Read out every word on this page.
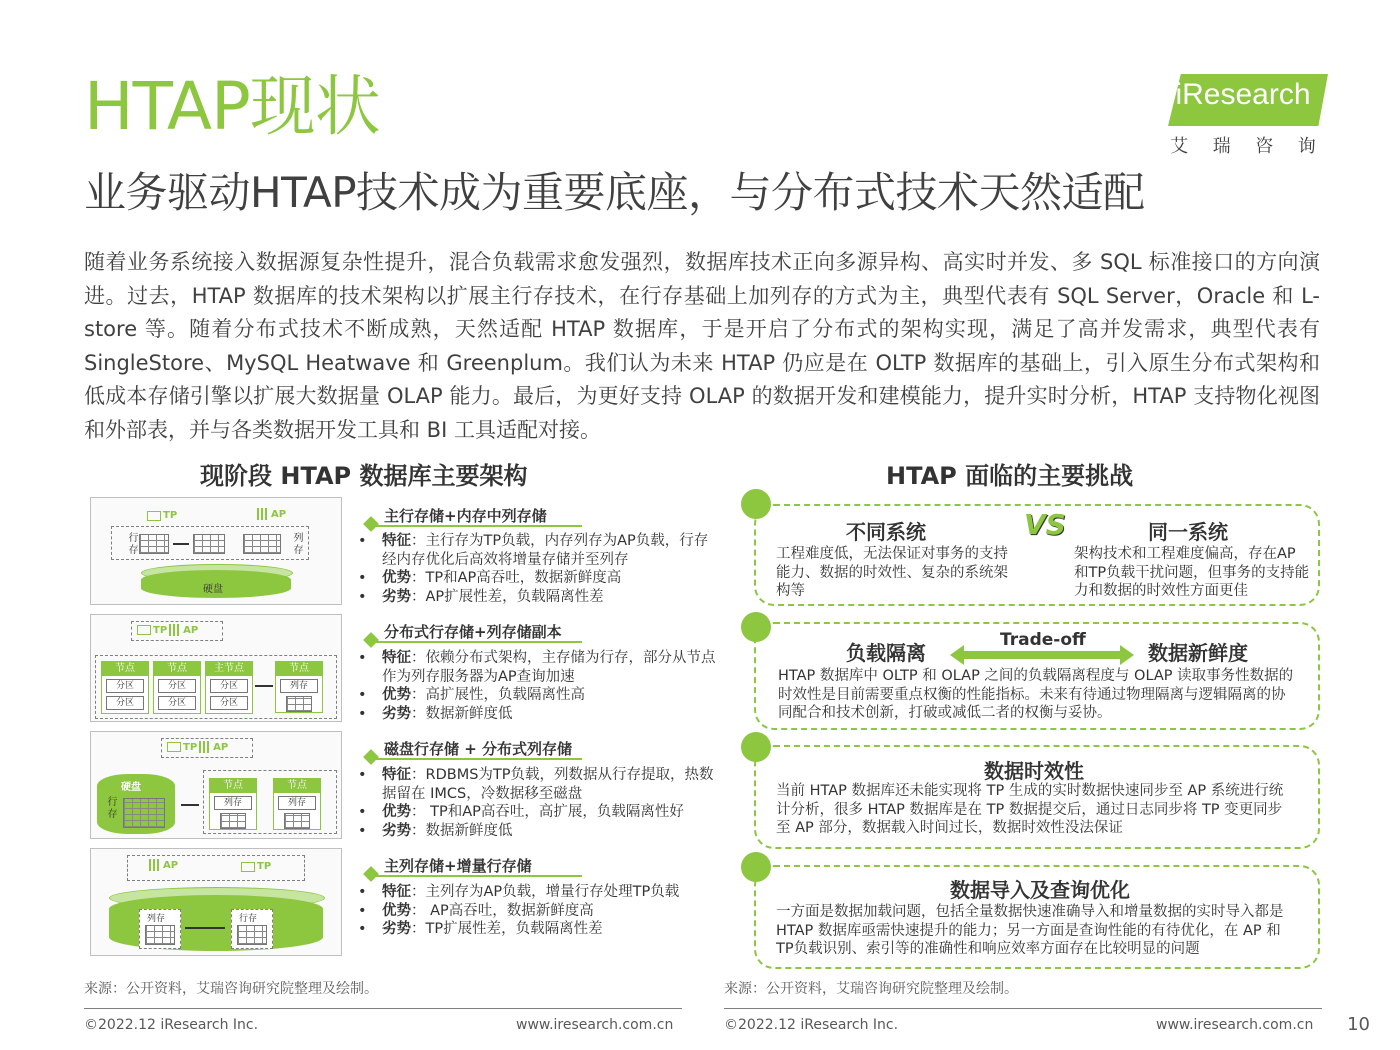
HTAP现状
业务驱动HTAP技术成为重要底座，与分布式技术天然适配
iResearch
艾 瑞 咨 询
随着业务系统接入数据源复杂性提升，混合负载需求愈发强烈，数据库技术正向多源异构、高实时并发、多 SQL 标准接口的方向演进。过去，HTAP 数据库的技术架构以扩展主行存技术，在行存基础上加列存的方式为主，典型代表有 SQL Server，Oracle 和 L-store 等。随着分布式技术不断成熟，天然适配 HTAP 数据库，于是开启了分布式的架构实现，满足了高并发需求，典型代表有 SingleStore、MySQL Heatwave 和 Greenplum。我们认为未来 HTAP 仍应是在 OLTP 数据库的基础上，引入原生分布式架构和低成本存储引擎以扩展大数据量 OLAP 能力。最后，为更好支持 OLAP 的数据开发和建模能力，提升实时分析，HTAP 支持物化视图和外部表，并与各类数据开发工具和 BI 工具适配对接。
现阶段 HTAP 数据库主要架构	HTAP 面临的主要挑战
TP	AP
行存	列存
硬盘
TP AP
节点
分区
分区
节点
分区
分区
主节点
分区
分区
节点
列存
TP AP
硬盘
行存
节点
列存
节点
列存
AP	TP
列存	行存
主行存储+内存中列存储
• 特征：主行存为TP负载，内存列存为AP负载，行存经内存优化后高效将增量存储并至列存
• 优势：TP和AP高吞吐，数据新鲜度高
• 劣势：AP扩展性差，负载隔离性差
分布式行存储+列存储副本
• 特征：依赖分布式架构，主存储为行存，部分从节点作为列存服务器为AP查询加速
• 优势：高扩展性，负载隔离性高
• 劣势：数据新鲜度低
磁盘行存储 + 分布式列存储
• 特征：RDBMS为TP负载，列数据从行存提取，热数据留在 IMCS，冷数据移至磁盘
• 优势： TP和AP高吞吐，高扩展，负载隔离性好
• 劣势：数据新鲜度低
主列存储+增量行存储
• 特征：主列存为AP负载，增量行存处理TP负载
• 优势： AP高吞吐，数据新鲜度高
• 劣势：TP扩展性差，负载隔离性差
不同系统	VS	同一系统
工程难度低，无法保证对事务的支持能力、数据的时效性、复杂的系统架构等
架构技术和工程难度偏高，存在AP和TP负载干扰问题，但事务的支持能力和数据的时效性方面更佳
负载隔离
Trade-off
数据新鲜度
HTAP 数据库中 OLTP 和 OLAP 之间的负载隔离程度与 OLAP 读取事务性数据的时效性是目前需要重点权衡的性能指标。未来有待通过物理隔离与逻辑隔离的协同配合和技术创新，打破或减低二者的权衡与妥协。
数据时效性
当前 HTAP 数据库还未能实现将 TP 生成的实时数据快速同步至 AP 系统进行统计分析，很多 HTAP 数据库是在 TP 数据提交后，通过日志同步将 TP 变更同步至 AP 部分，数据载入时间过长，数据时效性没法保证
数据导入及查询优化
一方面是数据加载问题，包括全量数据快速准确导入和增量数据的实时导入都是 HTAP 数据库亟需快速提升的能力；另一方面是查询性能的有待优化，在 AP 和 TP负载识别、索引等的准确性和响应效率方面存在比较明显的问题
来源：公开资料，艾瑞咨询研究院整理及绘制。	来源：公开资料，艾瑞咨询研究院整理及绘制。
©2022.12 iResearch Inc.	www.iresearch.com.cn	©2022.12 iResearch Inc.	www.iresearch.com.cn 10
